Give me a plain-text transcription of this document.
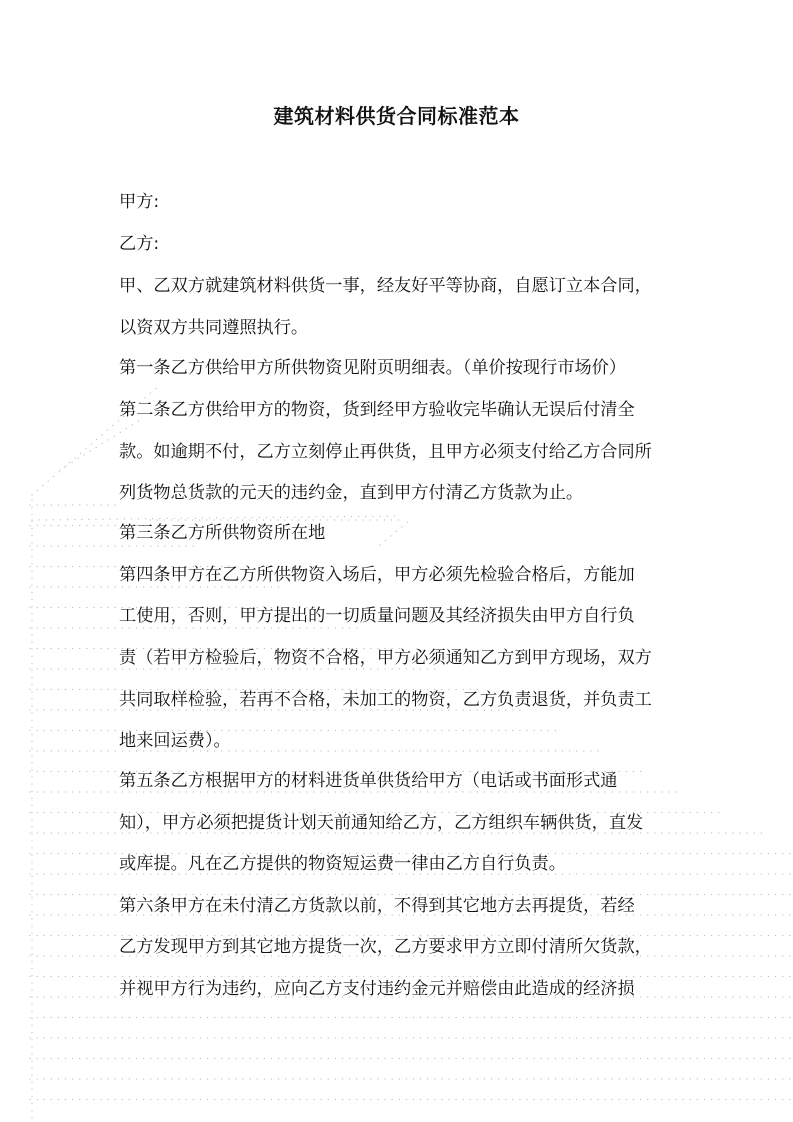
建筑材料供货合同标准范本

甲方:

乙方:

甲、乙双方就建筑材料供货一事，经友好平等协商，自愿订立本合同，

以资双方共同遵照执行。

第一条乙方供给甲方所供物资见附页明细表。（单价按现行市场价）

第二条乙方供给甲方的物资，货到经甲方验收完毕确认无误后付清全

款。如逾期不付，乙方立刻停止再供货，且甲方必须支付给乙方合同所

列货物总货款的元天的违约金，直到甲方付清乙方货款为止。

第三条乙方所供物资所在地

第四条甲方在乙方所供物资入场后，甲方必须先检验合格后，方能加

工使用，否则，甲方提出的一切质量问题及其经济损失由甲方自行负

责（若甲方检验后，物资不合格，甲方必须通知乙方到甲方现场，双方

共同取样检验，若再不合格，未加工的物资，乙方负责退货，并负责工

地来回运费）。

第五条乙方根据甲方的材料进货单供货给甲方（电话或书面形式通

知），甲方必须把提货计划天前通知给乙方，乙方组织车辆供货，直发

或库提。凡在乙方提供的物资短运费一律由乙方自行负责。

第六条甲方在未付清乙方货款以前，不得到其它地方去再提货，若经

乙方发现甲方到其它地方提货一次，乙方要求甲方立即付清所欠货款，

并视甲方行为违约，应向乙方支付违约金元并赔偿由此造成的经济损
